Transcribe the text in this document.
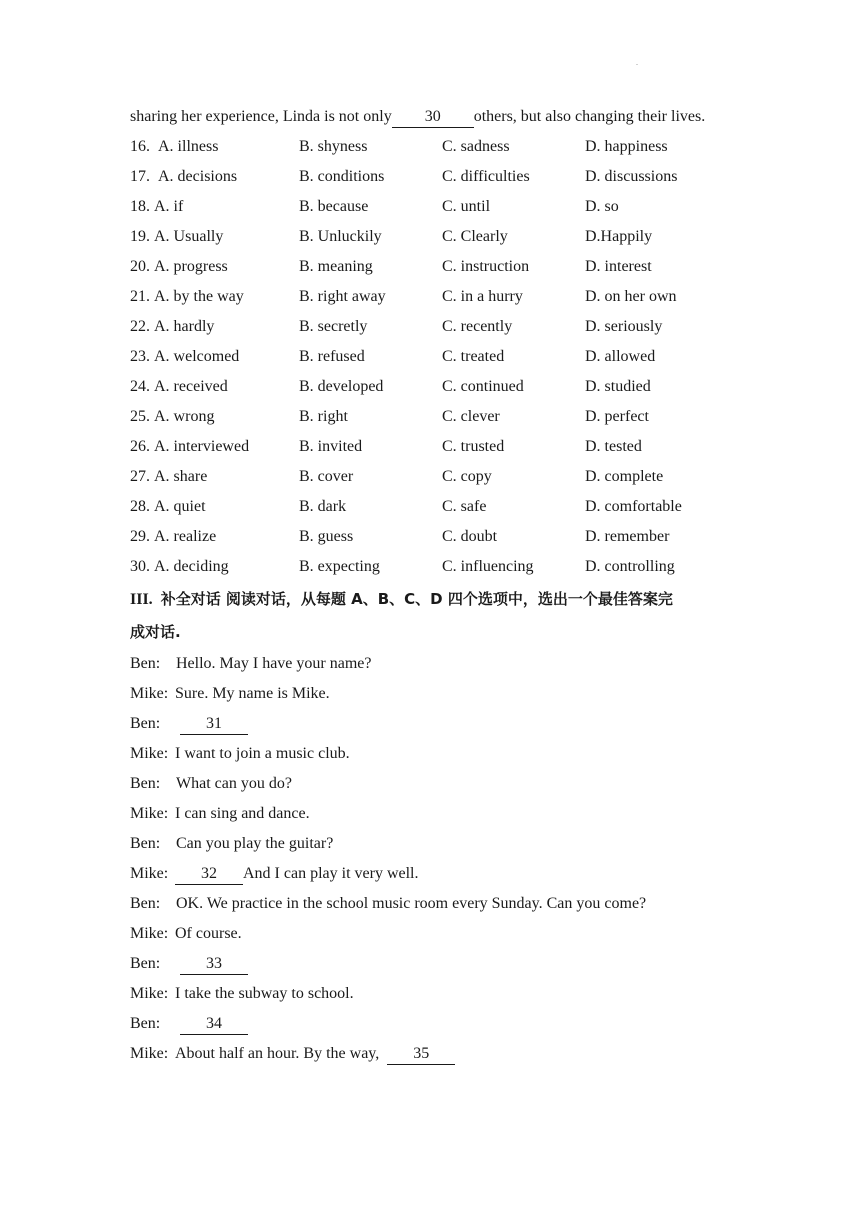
.
sharing her experience, Linda is not only 30 others, but also changing their lives.
16. A. illness	B. shyness	C. sadness	D. happiness
17. A. decisions	B. conditions	C. difficulties	D. discussions
18. A. if	B. because	C. until	D. so
19. A. Usually	B. Unluckily	C. Clearly	D.Happily
20. A. progress	B. meaning	C. instruction	D. interest
21. A. by the way	B. right away	C. in a hurry	D. on her own
22. A. hardly	B. secretly	C. recently	D. seriously
23. A. welcomed	B. refused	C. treated	D. allowed
24. A. received	B. developed	C. continued	D. studied
25. A. wrong	B. right	C. clever	D. perfect
26. A. interviewed	B. invited	C. trusted	D. tested
27. A. share	B. cover	C. copy	D. complete
28. A. quiet	B. dark	C. safe	D. comfortable
29. A. realize	B. guess	C. doubt	D. remember
30. A. deciding	B. expecting	C. influencing	D. controlling
III. 补全对话 阅读对话，从每题 A、B、C、D 四个选项中，选出一个最佳答案完
成对话.
Ben: Hello. May I have your name?
Mike: Sure. My name is Mike.
Ben:	31
Mike: I want to join a music club.
Ben: What can you do?
Mike: I can sing and dance.
Ben: Can you play the guitar?
Mike: 32 And I can play it very well.
Ben: OK. We practice in the school music room every Sunday. Can you come?
Mike: Of course.
Ben:	33
Mike: I take the subway to school.
Ben:	34
Mike: About half an hour. By the way, 35
